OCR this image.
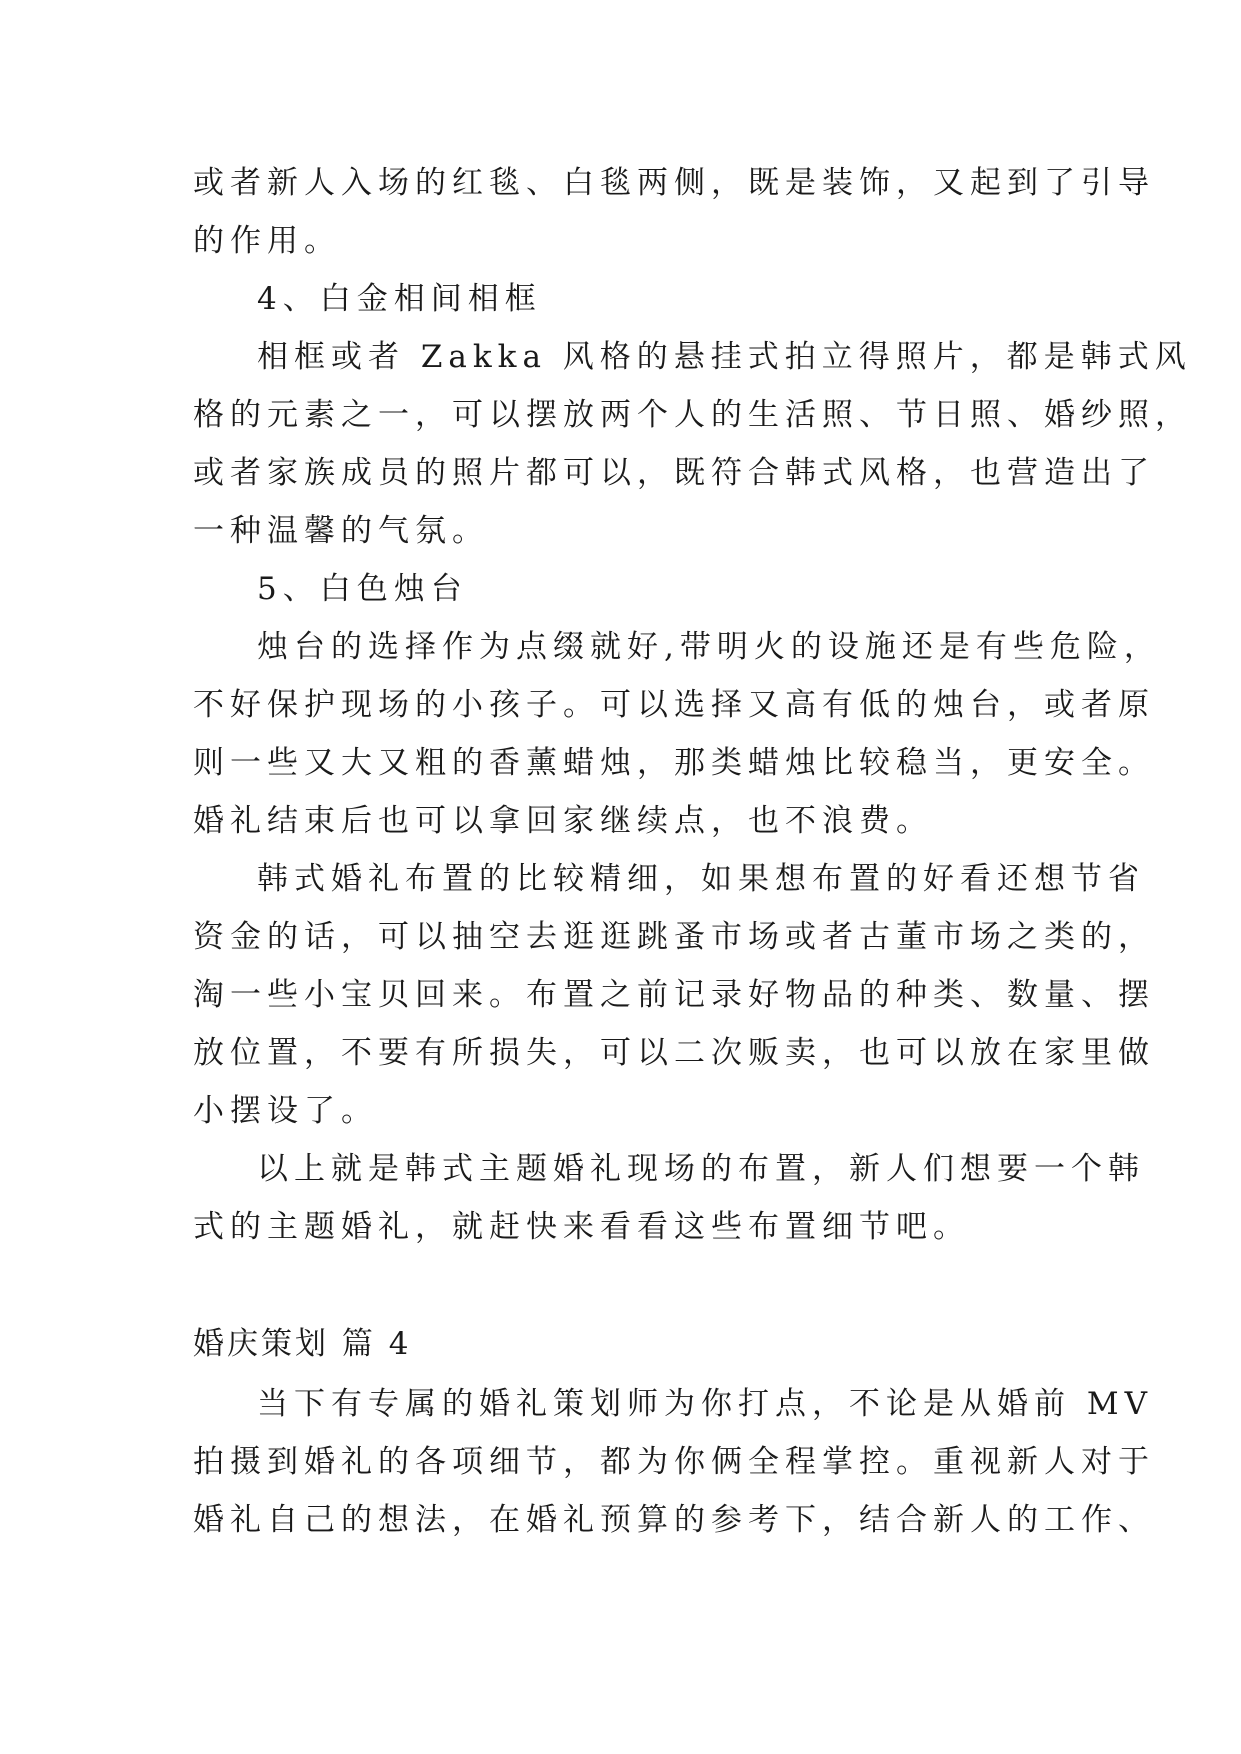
或者新人入场的红毯、白毯两侧，既是装饰，又起到了引导
的作用。
4、白金相间相框
相框或者 Zakka 风格的悬挂式拍立得照片，都是韩式风
格的元素之一，可以摆放两个人的生活照、节日照、婚纱照，
或者家族成员的照片都可以，既符合韩式风格，也营造出了
一种温馨的气氛。
5、白色烛台
烛台的选择作为点缀就好,带明火的设施还是有些危险，
不好保护现场的小孩子。可以选择又高有低的烛台，或者原
则一些又大又粗的香薰蜡烛，那类蜡烛比较稳当，更安全。
婚礼结束后也可以拿回家继续点，也不浪费。
韩式婚礼布置的比较精细，如果想布置的好看还想节省
资金的话，可以抽空去逛逛跳蚤市场或者古董市场之类的，
淘一些小宝贝回来。布置之前记录好物品的种类、数量、摆
放位置，不要有所损失，可以二次贩卖，也可以放在家里做
小摆设了。
以上就是韩式主题婚礼现场的布置，新人们想要一个韩
式的主题婚礼，就赶快来看看这些布置细节吧。
婚庆策划 篇 4
当下有专属的婚礼策划师为你打点，不论是从婚前 MV
拍摄到婚礼的各项细节，都为你俩全程掌控。重视新人对于
婚礼自己的想法，在婚礼预算的参考下，结合新人的工作、
